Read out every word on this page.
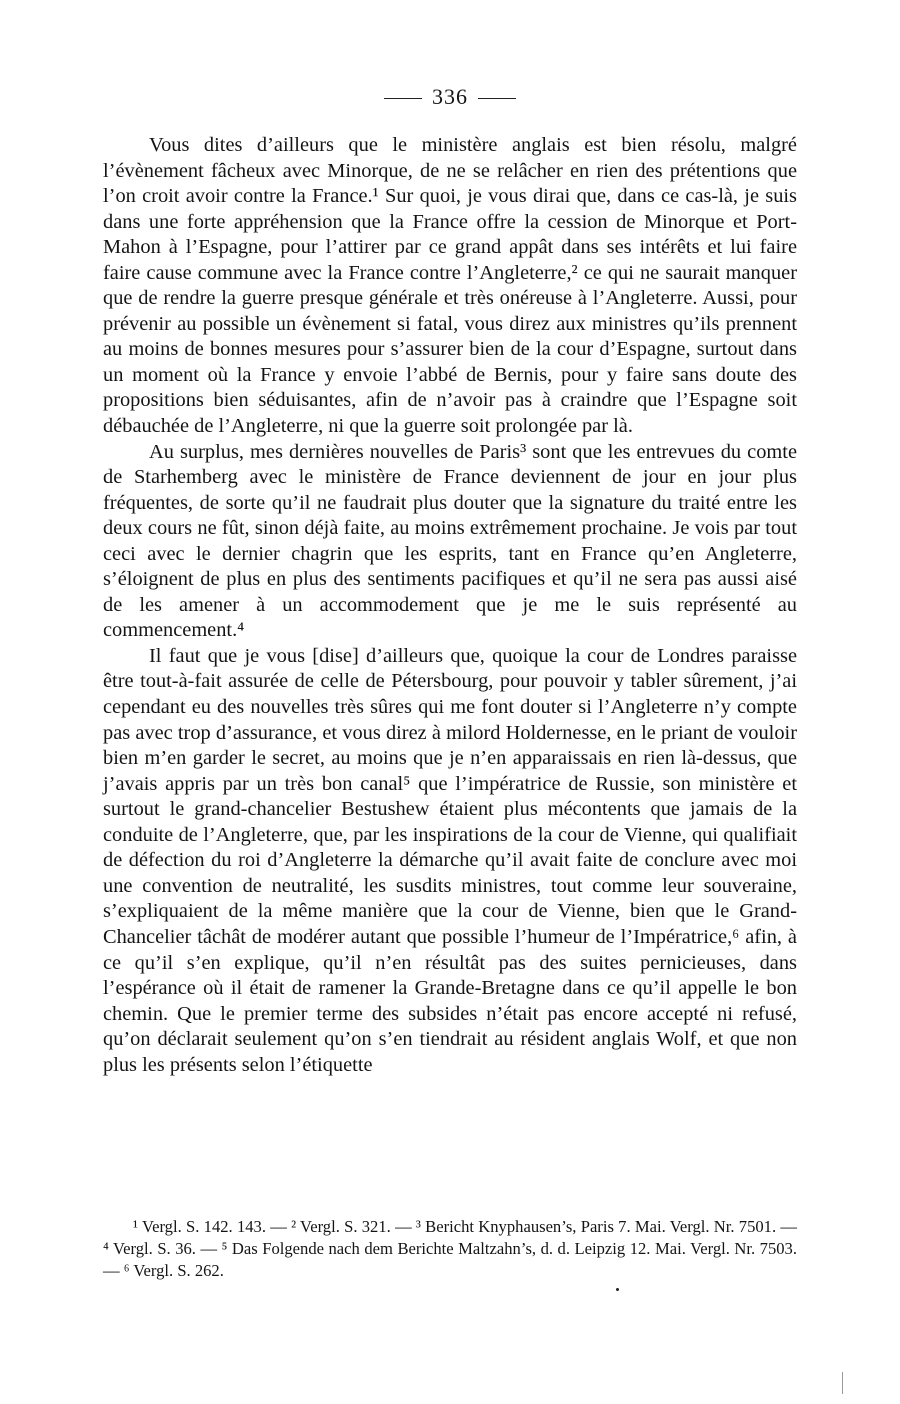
336

Vous dites d’ailleurs que le ministère anglais est bien résolu, malgré l’évènement fâcheux avec Minorque, de ne se relâcher en rien des prétentions que l’on croit avoir contre la France.¹ Sur quoi, je vous dirai que, dans ce cas-là, je suis dans une forte appréhension que la France offre la cession de Minorque et Port-Mahon à l’Espagne, pour l’attirer par ce grand appât dans ses intérêts et lui faire faire cause commune avec la France contre l’Angleterre,² ce qui ne saurait manquer que de rendre la guerre presque générale et très onéreuse à l’Angleterre. Aussi, pour prévenir au possible un évènement si fatal, vous direz aux ministres qu’ils prennent au moins de bonnes mesures pour s’assurer bien de la cour d’Espagne, surtout dans un moment où la France y envoie l’abbé de Bernis, pour y faire sans doute des propositions bien séduisantes, afin de n’avoir pas à craindre que l’Espagne soit débauchée de l’Angleterre, ni que la guerre soit prolongée par là.

Au surplus, mes dernières nouvelles de Paris³ sont que les entrevues du comte de Starhemberg avec le ministère de France deviennent de jour en jour plus fréquentes, de sorte qu’il ne faudrait plus douter que la signature du traité entre les deux cours ne fût, sinon déjà faite, au moins extrêmement prochaine. Je vois par tout ceci avec le dernier chagrin que les esprits, tant en France qu’en Angleterre, s’éloignent de plus en plus des sentiments pacifiques et qu’il ne sera pas aussi aisé de les amener à un accommodement que je me le suis représenté au commencement.⁴

Il faut que je vous [dise] d’ailleurs que, quoique la cour de Londres paraisse être tout-à-fait assurée de celle de Pétersbourg, pour pouvoir y tabler sûrement, j’ai cependant eu des nouvelles très sûres qui me font douter si l’Angleterre n’y compte pas avec trop d’assurance, et vous direz à milord Holdernesse, en le priant de vouloir bien m’en garder le secret, au moins que je n’en apparaissais en rien là-dessus, que j’avais appris par un très bon canal⁵ que l’impératrice de Russie, son ministère et surtout le grand-chancelier Bestushew étaient plus mécontents que jamais de la conduite de l’Angleterre, que, par les inspirations de la cour de Vienne, qui qualifiait de défection du roi d’Angleterre la démarche qu’il avait faite de conclure avec moi une convention de neutralité, les susdits ministres, tout comme leur souveraine, s’expliquaient de la même manière que la cour de Vienne, bien que le Grand-Chancelier tâchât de modérer autant que possible l’humeur de l’Impératrice,⁶ afin, à ce qu’il s’en explique, qu’il n’en résultât pas des suites pernicieuses, dans l’espérance où il était de ramener la Grande-Bretagne dans ce qu’il appelle le bon chemin. Que le premier terme des subsides n’était pas encore accepté ni refusé, qu’on déclarait seulement qu’on s’en tiendrait au résident anglais Wolf, et que non plus les présents selon l’étiquette

¹ Vergl. S. 142. 143. — ² Vergl. S. 321. — ³ Bericht Knyphausen’s, Paris 7. Mai. Vergl. Nr. 7501. — ⁴ Vergl. S. 36. — ⁵ Das Folgende nach dem Berichte Maltzahn’s, d. d. Leipzig 12. Mai. Vergl. Nr. 7503. — ⁶ Vergl. S. 262.
